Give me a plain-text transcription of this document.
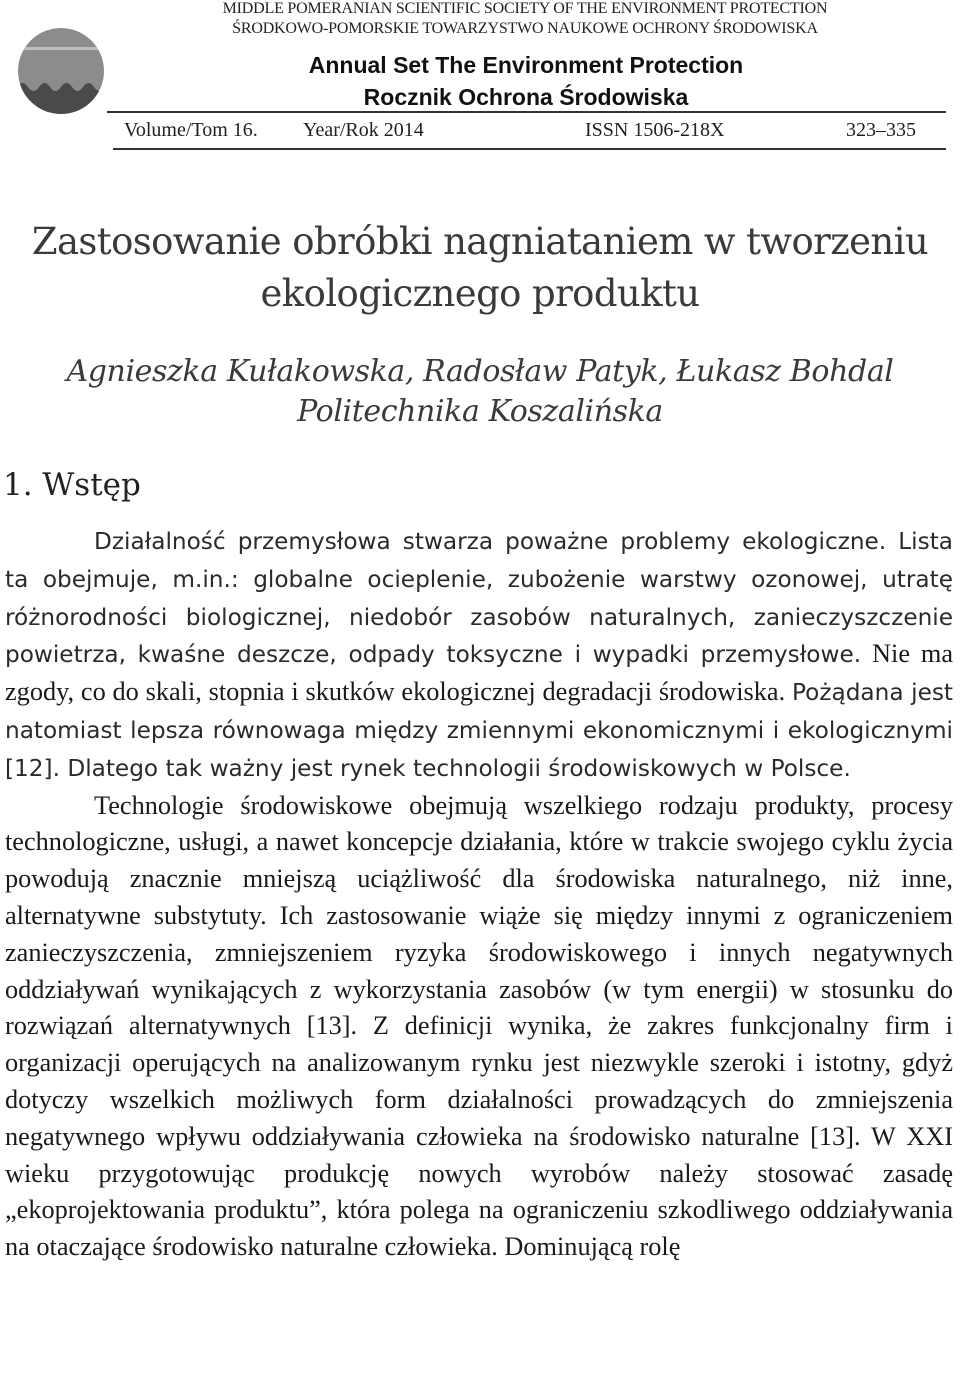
MIDDLE POMERANIAN SCIENTIFIC SOCIETY OF THE ENVIRONMENT PROTECTION
ŚRODKOWO-POMORSKIE TOWARZYSTWO NAUKOWE OCHRONY ŚRODOWISKA
Annual Set The Environment Protection
Rocznik Ochrona Środowiska
Volume/Tom 16. Year/Rok 2014	ISSN 1506-218X	323–335
Zastosowanie obróbki nagniataniem w tworzeniu
ekologicznego produktu
Agnieszka Kułakowska, Radosław Patyk, Łukasz Bohdal
Politechnika Koszalińska
1. Wstęp

Działalność przemysłowa stwarza poważne problemy ekologiczne. Lista ta obejmuje, m.in.: globalne ocieplenie, zubożenie warstwy ozonowej, utratę różnorodności biologicznej, niedobór zasobów naturalnych, zanieczyszczenie powietrza, kwaśne deszcze, odpady toksyczne i wypadki przemysłowe. Nie ma zgody, co do skali, stopnia i skutków ekologicznej degradacji środowiska. Pożądana jest natomiast lepsza równowaga między zmiennymi ekonomicznymi i ekologicznymi [12]. Dlatego tak ważny jest rynek technologii środowiskowych w Polsce.

Technologie środowiskowe obejmują wszelkiego rodzaju produkty, procesy technologiczne, usługi, a nawet koncepcje działania, które w trakcie swojego cyklu życia powodują znacznie mniejszą uciążliwość dla środowiska naturalnego, niż inne, alternatywne substytuty. Ich zastosowanie wiąże się między innymi z ograniczeniem zanieczyszczenia, zmniejszeniem ryzyka środowiskowego i innych negatywnych oddziaływań wynikających z wykorzystania zasobów (w tym energii) w stosunku do rozwiązań alternatywnych [13]. Z definicji wynika, że zakres funkcjonalny firm i organizacji operujących na analizowanym rynku jest niezwykle szeroki i istotny, gdyż dotyczy wszelkich możliwych form działalności prowadzących do zmniejszenia negatywnego wpływu oddziaływania człowieka na środowisko naturalne [13]. W XXI wieku przygotowując produkcję nowych wyrobów należy stosować zasadę „ekoprojektowania produktu”, która polega na ograniczeniu szkodliwego oddziaływania na otaczające środowisko naturalne człowieka. Dominującą rolę
